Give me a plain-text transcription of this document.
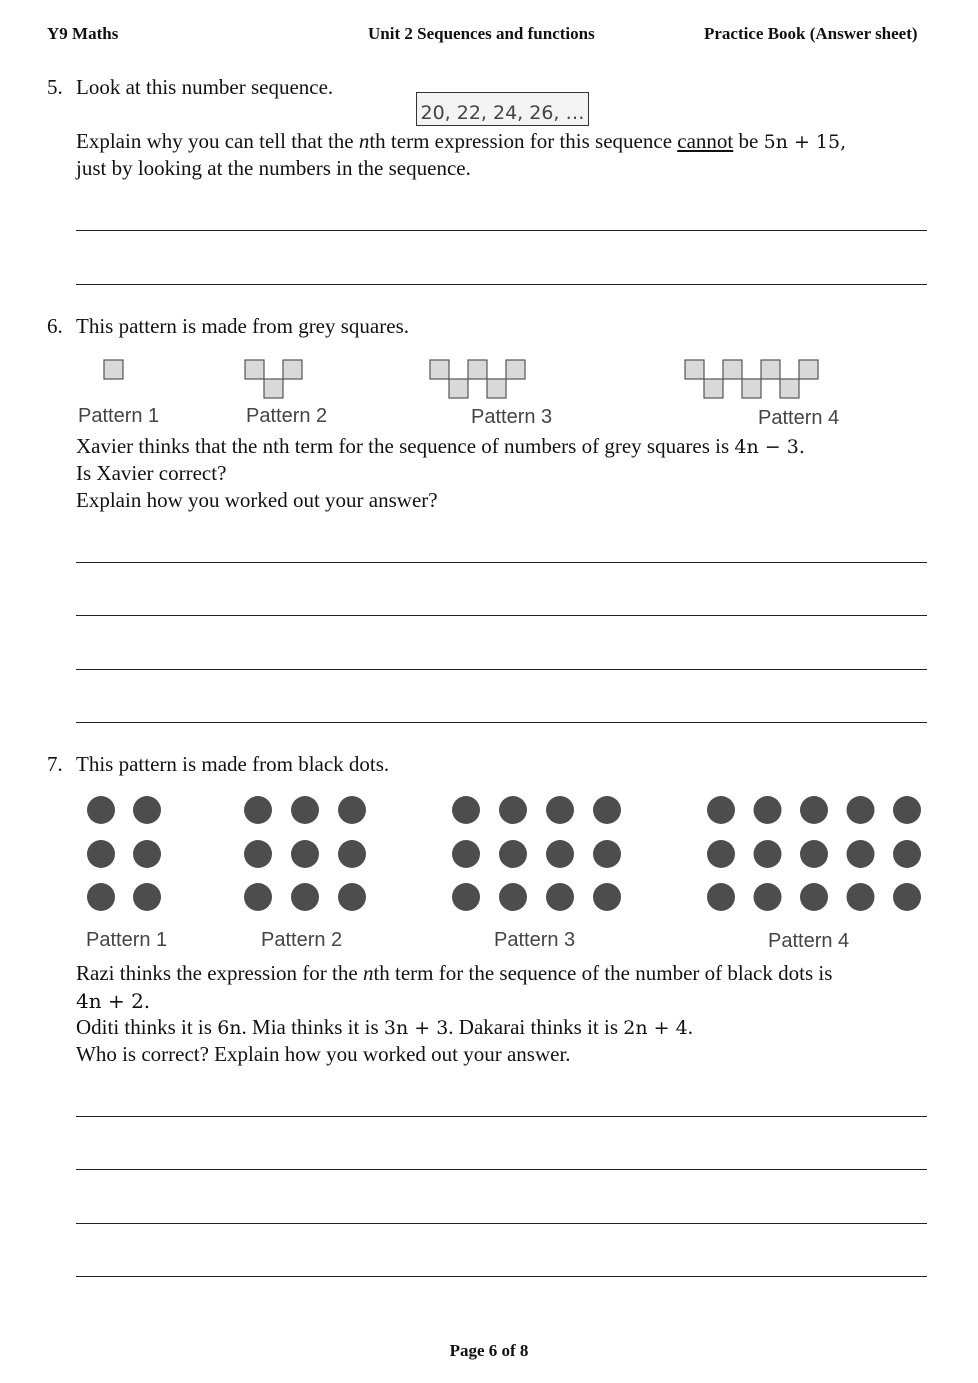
Y9 Maths	Unit 2 Sequences and functions	Practice Book (Answer sheet)
5. Look at this number sequence.
20, 22, 24, 26, …
Explain why you can tell that the nth term expression for this sequence cannot be 5n + 15,
just by looking at the numbers in the sequence.
6. This pattern is made from grey squares.
Pattern 1	Pattern 2	Pattern 3	Pattern 4
Xavier thinks that the nth term for the sequence of numbers of grey squares is 4n − 3.
Is Xavier correct?
Explain how you worked out your answer?
7. This pattern is made from black dots.
Pattern 1	Pattern 2	Pattern 3	Pattern 4
Razi thinks the expression for the nth term for the sequence of the number of black dots is
4n + 2.
Oditi thinks it is 6n. Mia thinks it is 3n + 3. Dakarai thinks it is 2n + 4.
Who is correct? Explain how you worked out your answer.
Page 6 of 8
